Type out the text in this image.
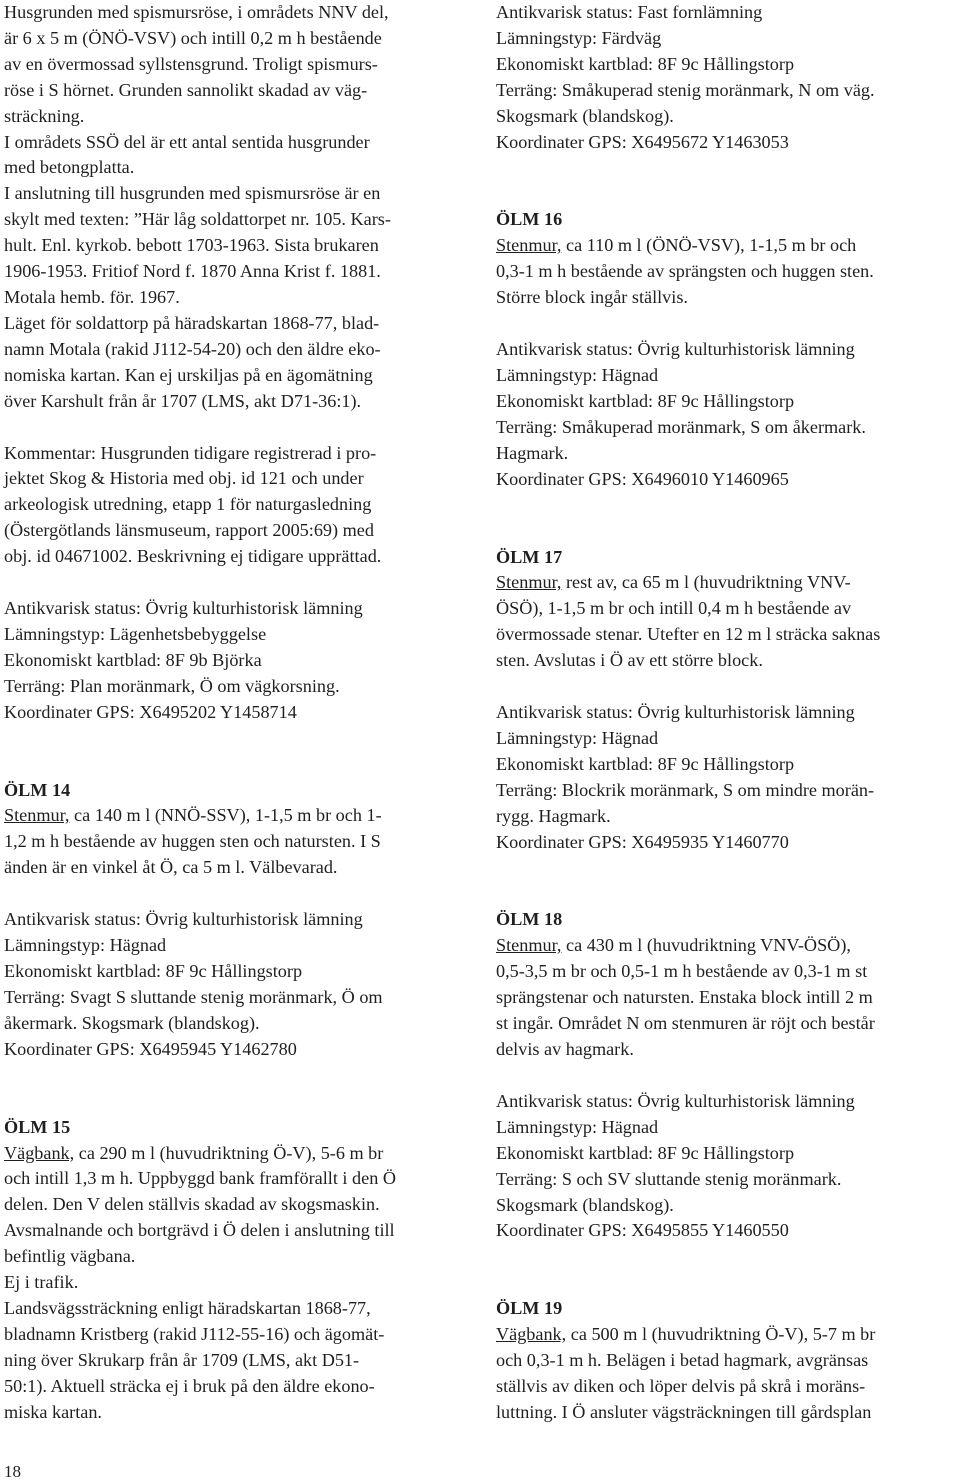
Husgrunden med spismursröse, i områdets NNV del,

är 6 x 5 m (ÖNÖ-VSV) och intill 0,2 m h bestående

av en övermossad syllstensgrund. Troligt spismurs-

röse i S hörnet. Grunden sannolikt skadad av väg-

sträckning.

I områdets SSÖ del är ett antal sentida husgrunder

med betongplatta.

I anslutning till husgrunden med spismursröse är en

skylt med texten: ”Här låg soldattorpet nr. 105. Kars-

hult. Enl. kyrkob. bebott 1703-1963. Sista brukaren

1906-1953. Fritiof Nord f. 1870 Anna Krist f. 1881.

Motala hemb. för. 1967.

Läget för soldattorp på häradskartan 1868-77, blad-

namn Motala (rakid J112-54-20) och den äldre eko-

nomiska kartan. Kan ej urskiljas på en ägomätning

över Karshult från år 1707 (LMS, akt D71-36:1).

Kommentar: Husgrunden tidigare registrerad i pro-

jektet Skog & Historia med obj. id 121 och under

arkeologisk utredning, etapp 1 för naturgasledning

(Östergötlands länsmuseum, rapport 2005:69) med

obj. id 04671002. Beskrivning ej tidigare upprättad.

Antikvarisk status: Övrig kulturhistorisk lämning

Lämningstyp: Lägenhetsbebyggelse

Ekonomiskt kartblad: 8F 9b Björka

Terräng: Plan moränmark, Ö om vägkorsning.

Koordinater GPS: X6495202 Y1458714

ÖLM 14

Stenmur, ca 140 m l (NNÖ-SSV), 1-1,5 m br och 1-

1,2 m h bestående av huggen sten och natursten. I S

änden är en vinkel åt Ö, ca 5 m l. Välbevarad.

Antikvarisk status: Övrig kulturhistorisk lämning

Lämningstyp: Hägnad

Ekonomiskt kartblad: 8F 9c Hållingstorp

Terräng: Svagt S sluttande stenig moränmark, Ö om

åkermark. Skogsmark (blandskog).

Koordinater GPS: X6495945 Y1462780

ÖLM 15

Vägbank, ca 290 m l (huvudriktning Ö-V), 5-6 m br

och intill 1,3 m h. Uppbyggd bank framförallt i den Ö

delen. Den V delen ställvis skadad av skogsmaskin.

Avsmalnande och bortgrävd i Ö delen i anslutning till

befintlig vägbana.

Ej i trafik.

Landsvägssträckning enligt häradskartan 1868-77,

bladnamn Kristberg (rakid J112-55-16) och ägomät-

ning över Skrukarp från år 1709 (LMS, akt D51-

50:1). Aktuell sträcka ej i bruk på den äldre ekono-

miska kartan.

Antikvarisk status: Fast fornlämning

Lämningstyp: Färdväg

Ekonomiskt kartblad: 8F 9c Hållingstorp

Terräng: Småkuperad stenig moränmark, N om väg.

Skogsmark (blandskog).

Koordinater GPS: X6495672 Y1463053

ÖLM 16

Stenmur, ca 110 m l (ÖNÖ-VSV), 1-1,5 m br och

0,3-1 m h bestående av sprängsten och huggen sten.

Större block ingår ställvis.

Antikvarisk status: Övrig kulturhistorisk lämning

Lämningstyp: Hägnad

Ekonomiskt kartblad: 8F 9c Hållingstorp

Terräng: Småkuperad moränmark, S om åkermark.

Hagmark.

Koordinater GPS: X6496010 Y1460965

ÖLM 17

Stenmur, rest av, ca 65 m l (huvudriktning VNV-

ÖSÖ), 1-1,5 m br och intill 0,4 m h bestående av

övermossade stenar. Utefter en 12 m l sträcka saknas

sten. Avslutas i Ö av ett större block.

Antikvarisk status: Övrig kulturhistorisk lämning

Lämningstyp: Hägnad

Ekonomiskt kartblad: 8F 9c Hållingstorp

Terräng: Blockrik moränmark, S om mindre morän-

rygg. Hagmark.

Koordinater GPS: X6495935 Y1460770

ÖLM 18

Stenmur, ca 430 m l (huvudriktning VNV-ÖSÖ),

0,5-3,5 m br och 0,5-1 m h bestående av 0,3-1 m st

sprängstenar och natursten. Enstaka block intill 2 m

st ingår. Området N om stenmuren är röjt och består

delvis av hagmark.

Antikvarisk status: Övrig kulturhistorisk lämning

Lämningstyp: Hägnad

Ekonomiskt kartblad: 8F 9c Hållingstorp

Terräng: S och SV sluttande stenig moränmark.

Skogsmark (blandskog).

Koordinater GPS: X6495855 Y1460550

ÖLM 19

Vägbank, ca 500 m l (huvudriktning Ö-V), 5-7 m br

och 0,3-1 m h. Belägen i betad hagmark, avgränsas

ställvis av diken och löper delvis på skrå i moräns-

luttning. I Ö ansluter vägsträckningen till gårdsplan

18
